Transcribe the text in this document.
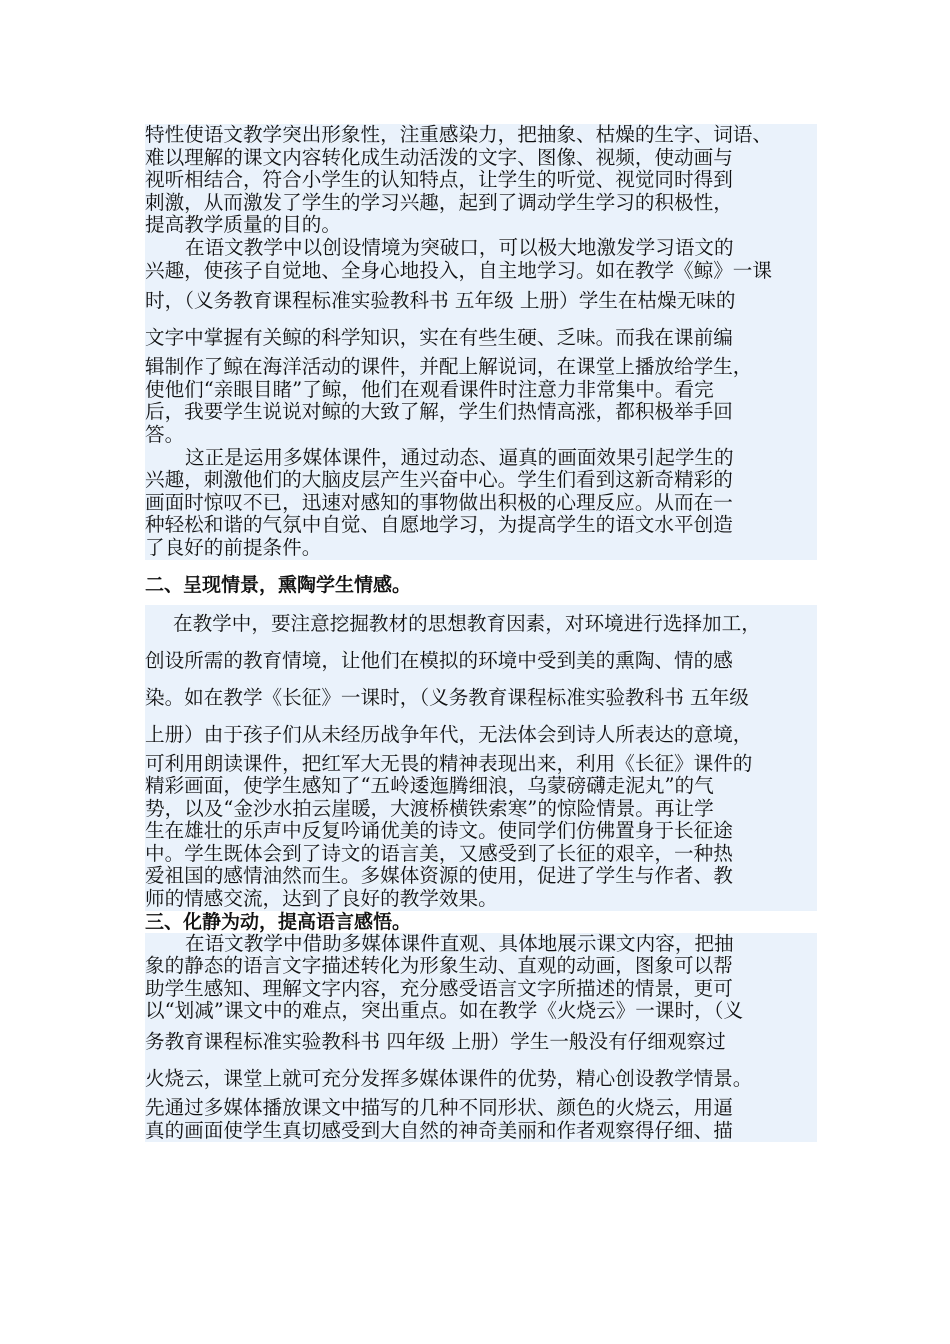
特性使语文教学突出形象性，注重感染力，把抽象、枯燥的生字、词语、
难以理解的课文内容转化成生动活泼的文字、图像、视频，使动画与
视听相结合，符合小学生的认知特点，让学生的听觉、视觉同时得到
刺激，从而激发了学生的学习兴趣，起到了调动学生学习的积极性，
提高教学质量的目的。
在语文教学中以创设情境为突破口，可以极大地激发学习语文的
兴趣，使孩子自觉地、全身心地投入，自主地学习。如在教学《鲸》一课
时，（义务教育课程标准实验教科书 五年级 上册）学生在枯燥无味的
文字中掌握有关鲸的科学知识，实在有些生硬、乏味。而我在课前编
辑制作了鲸在海洋活动的课件，并配上解说词，在课堂上播放给学生，
使他们“亲眼目睹”了鲸，他们在观看课件时注意力非常集中。看完
后，我要学生说说对鲸的大致了解，学生们热情高涨，都积极举手回
答。
这正是运用多媒体课件，通过动态、逼真的画面效果引起学生的
兴趣，刺激他们的大脑皮层产生兴奋中心。学生们看到这新奇精彩的
画面时惊叹不已，迅速对感知的事物做出积极的心理反应。从而在一
种轻松和谐的气氛中自觉、自愿地学习，为提高学生的语文水平创造
了良好的前提条件。
二、呈现情景，熏陶学生情感。
在教学中，要注意挖掘教材的思想教育因素，对环境进行选择加工，
创设所需的教育情境，让他们在模拟的环境中受到美的熏陶、情的感
染。如在教学《长征》一课时，（义务教育课程标准实验教科书 五年级
上册）由于孩子们从未经历战争年代，无法体会到诗人所表达的意境，
可利用朗读课件，把红军大无畏的精神表现出来，利用《长征》课件的
精彩画面，使学生感知了“五岭逶迤腾细浪，乌蒙磅礴走泥丸”的气
势，以及“金沙水拍云崖暖，大渡桥横铁索寒”的惊险情景。再让学
生在雄壮的乐声中反复吟诵优美的诗文。使同学们仿佛置身于长征途
中。学生既体会到了诗文的语言美，又感受到了长征的艰辛，一种热
爱祖国的感情油然而生。多媒体资源的使用，促进了学生与作者、教
师的情感交流，达到了良好的教学效果。
三、化静为动，提高语言感悟。
在语文教学中借助多媒体课件直观、具体地展示课文内容，把抽
象的静态的语言文字描述转化为形象生动、直观的动画，图象可以帮
助学生感知、理解文字内容，充分感受语言文字所描述的情景，更可
以“划减”课文中的难点，突出重点。如在教学《火烧云》一课时，（义
务教育课程标准实验教科书 四年级 上册）学生一般没有仔细观察过
火烧云，课堂上就可充分发挥多媒体课件的优势，精心创设教学情景。
先通过多媒体播放课文中描写的几种不同形状、颜色的火烧云，用逼
真的画面使学生真切感受到大自然的神奇美丽和作者观察得仔细、描
